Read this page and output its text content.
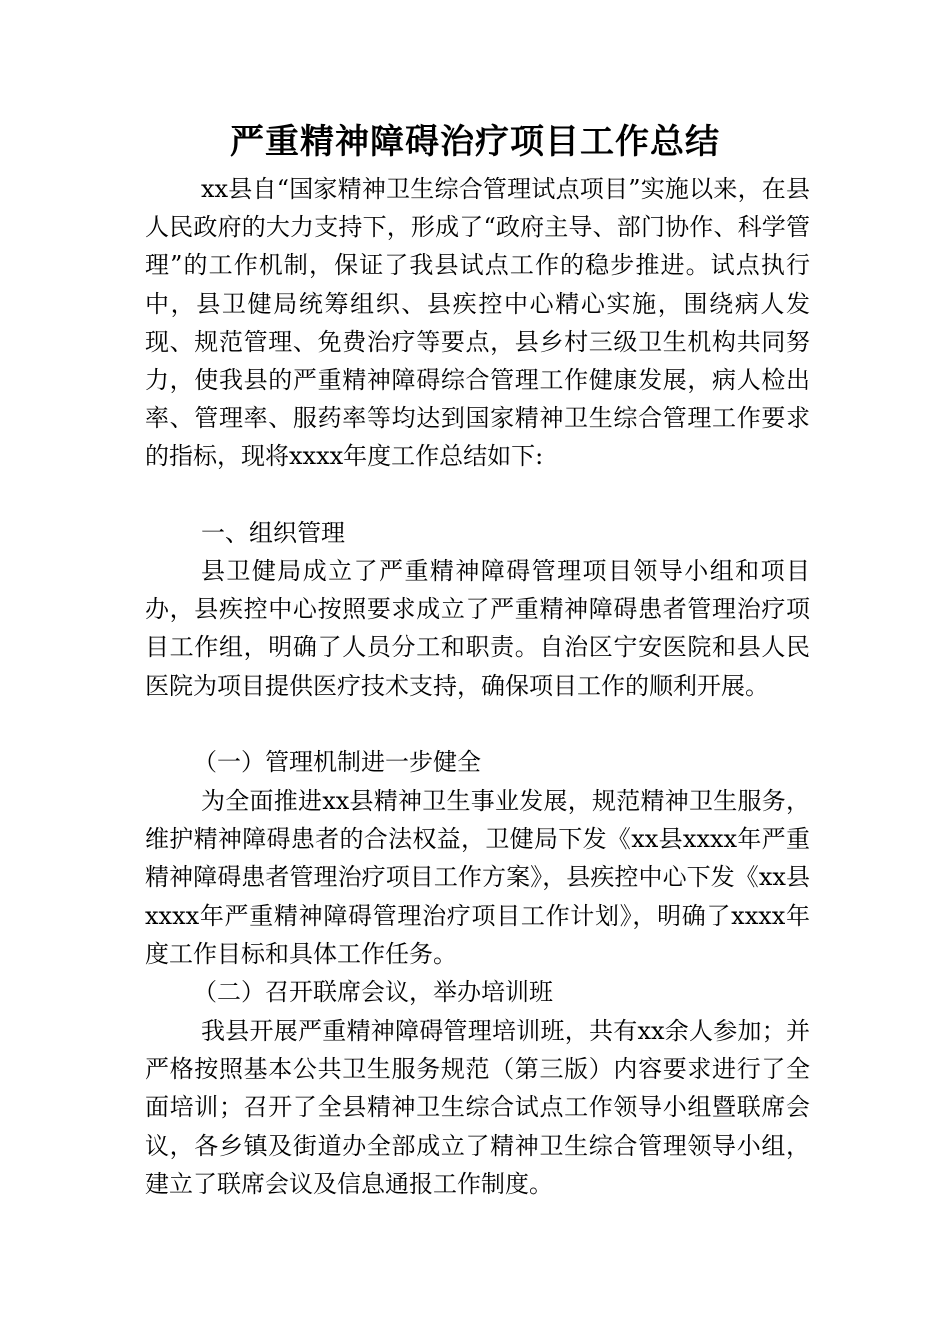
严重精神障碍治疗项目工作总结

xx县自“国家精神卫生综合管理试点项目”实施以来，在县人民政府的大力支持下，形成了“政府主导、部门协作、科学管理”的工作机制，保证了我县试点工作的稳步推进。试点执行中，县卫健局统筹组织、县疾控中心精心实施，围绕病人发现、规范管理、免费治疗等要点，县乡村三级卫生机构共同努力，使我县的严重精神障碍综合管理工作健康发展，病人检出率、管理率、服药率等均达到国家精神卫生综合管理工作要求的指标，现将xxxx年度工作总结如下:

一、组织管理

县卫健局成立了严重精神障碍管理项目领导小组和项目办，县疾控中心按照要求成立了严重精神障碍患者管理治疗项目工作组，明确了人员分工和职责。自治区宁安医院和县人民医院为项目提供医疗技术支持，确保项目工作的顺利开展。

（一）管理机制进一步健全

为全面推进xx县精神卫生事业发展，规范精神卫生服务，维护精神障碍患者的合法权益，卫健局下发《xx县xxxx年严重精神障碍患者管理治疗项目工作方案》，县疾控中心下发《xx县xxxx年严重精神障碍管理治疗项目工作计划》，明确了xxxx年度工作目标和具体工作任务。

（二）召开联席会议，举办培训班

我县开展严重精神障碍管理培训班，共有xx余人参加；并严格按照基本公共卫生服务规范（第三版）内容要求进行了全面培训；召开了全县精神卫生综合试点工作领导小组暨联席会议，各乡镇及街道办全部成立了精神卫生综合管理领导小组，建立了联席会议及信息通报工作制度。
